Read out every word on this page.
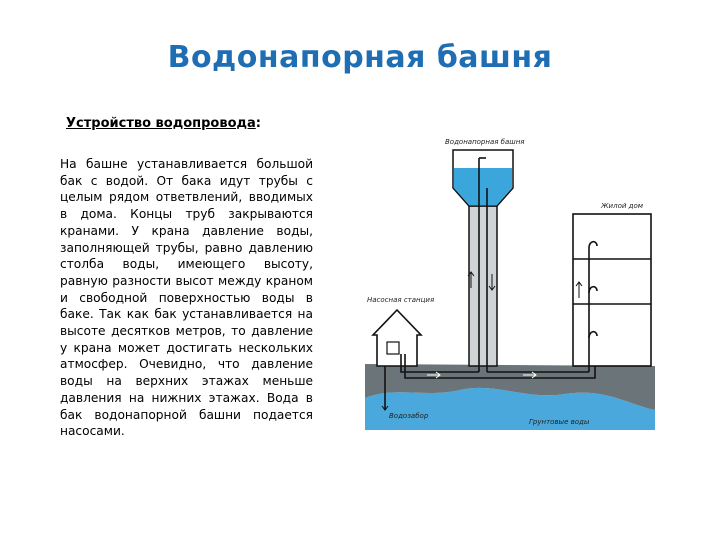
Водонапорная башня
Устройство водопровода:
На башне устанавливается большой бак с водой. От бака идут трубы с целым рядом ответвлений, вводимых в дома. Концы труб закрываются кранами. У крана давление воды, заполняющей трубы, равно давлению столба воды, имеющего высоту, равную разности высот между краном и свободной поверхностью воды в баке. Так как бак устанавливается на высоте десятков метров, то давление у крана может достигать нескольких атмосфер. Очевидно, что давление воды на верхних этажах меньше давления на нижних этажах. Вода в бак водонапорной башни подается насосами.
Водонапорная башня
Жилой дом
Насосная станция
Водозабор
Грунтовые воды
